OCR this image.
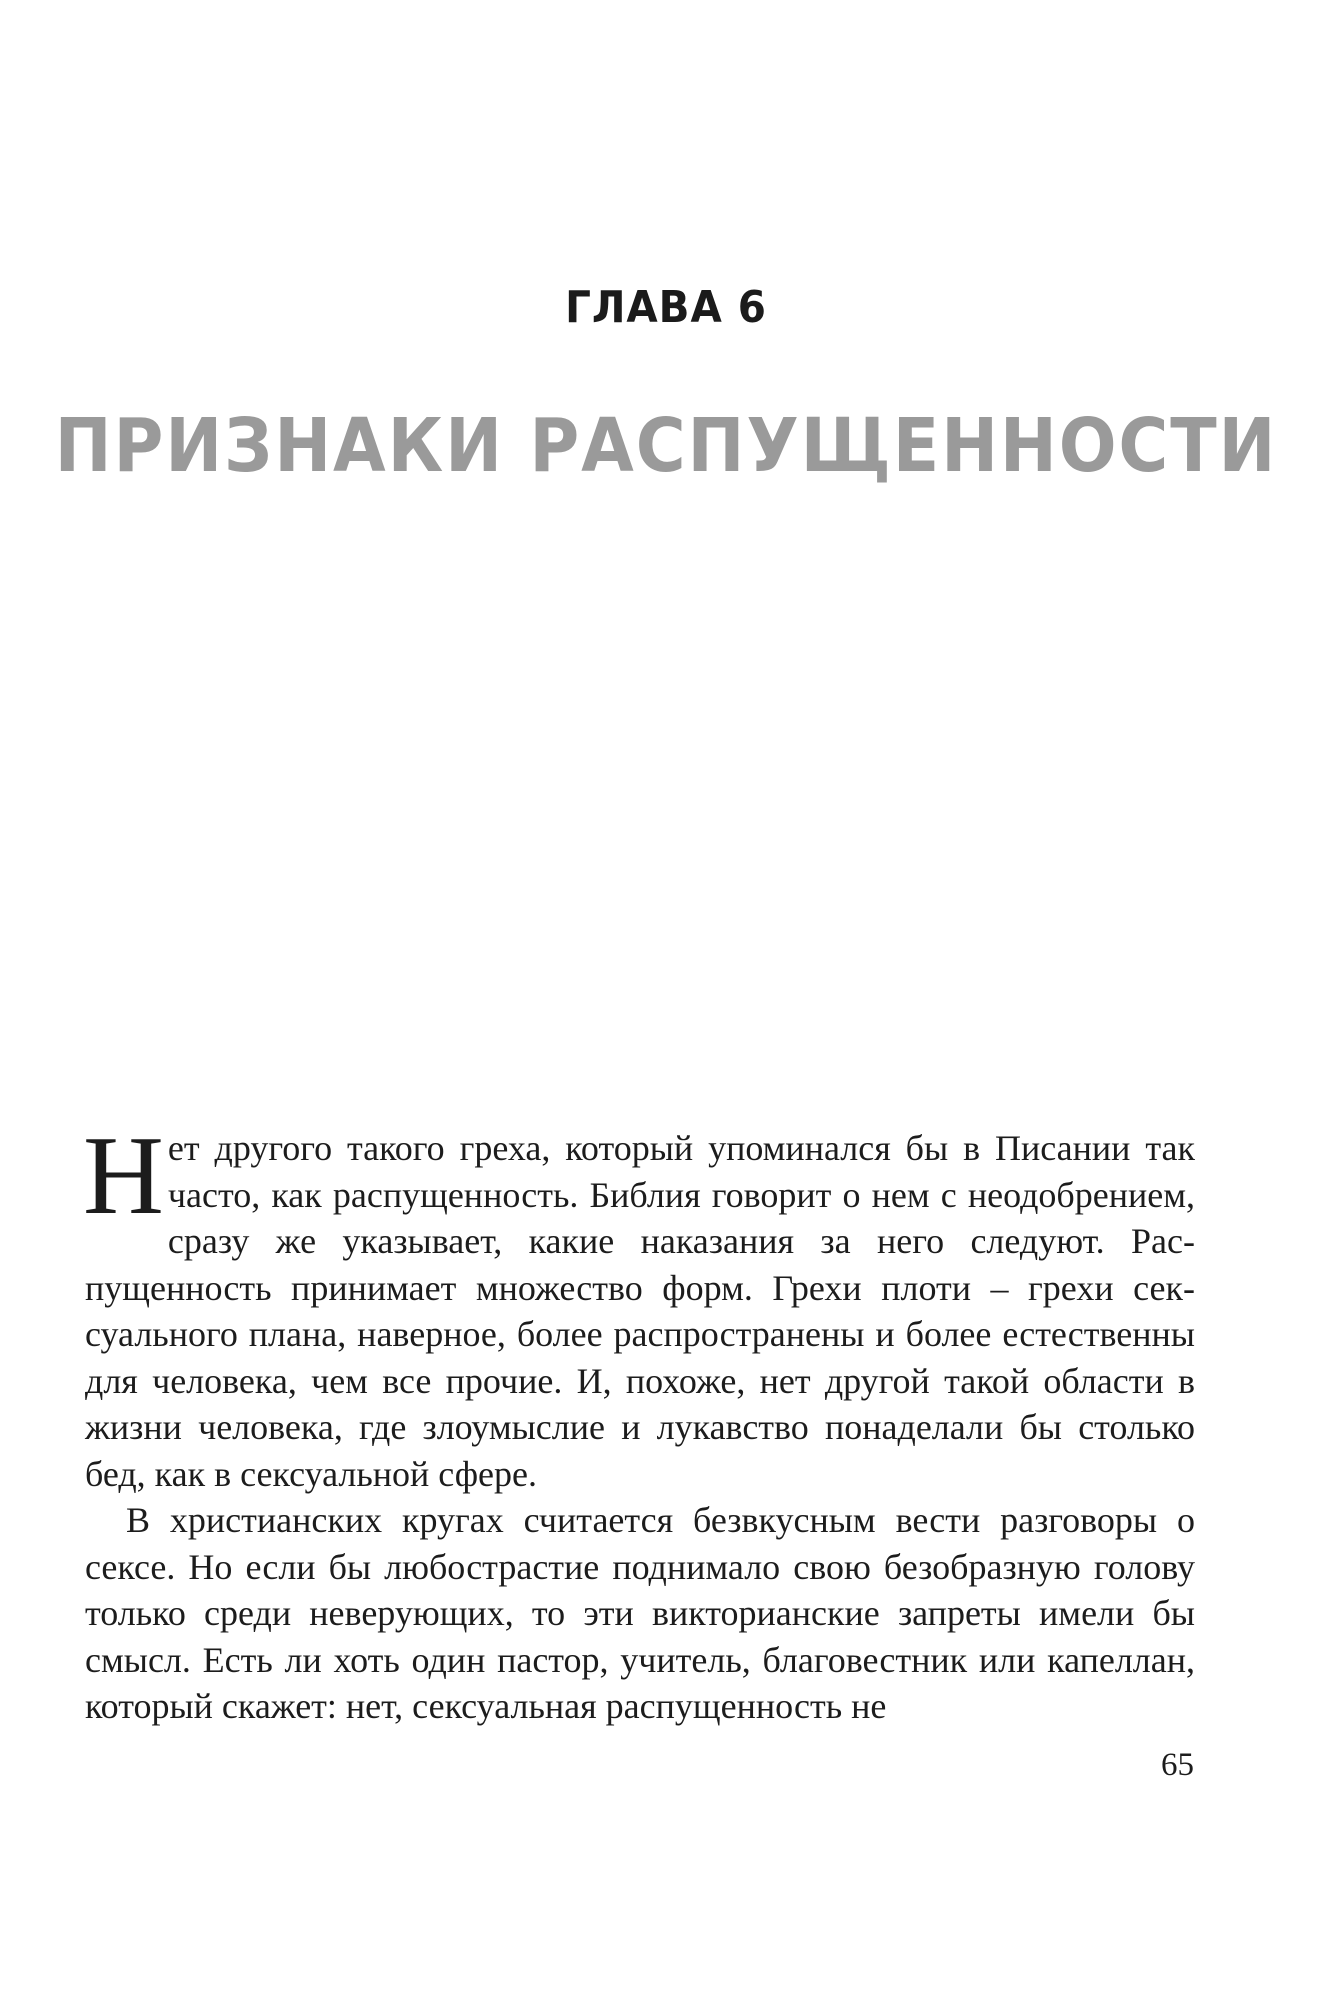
ГЛАВА 6
ПРИЗНАКИ РАСПУЩЕННОСТИ

Нет другого такого греха, который упоминался бы в Писании так часто, как распущенность. Библия говорит о нем с неодобрением, сразу же указывает, какие наказания за него следуют. Распущенность принимает множество форм. Грехи плоти – грехи сексуального плана, наверное, более распространены и более естественны для человека, чем все прочие. И, похоже, нет другой такой области в жизни человека, где злоумыслие и лукавство понаделали бы столько бед, как в сексуальной сфере.

В христианских кругах считается безвкусным вести разговоры о сексе. Но если бы любострастие поднимало свою безобразную голову только среди неверующих, то эти викторианские запреты имели бы смысл. Есть ли хоть один пастор, учитель, благовестник или капеллан, который скажет: нет, сексуальная распущенность не

65
